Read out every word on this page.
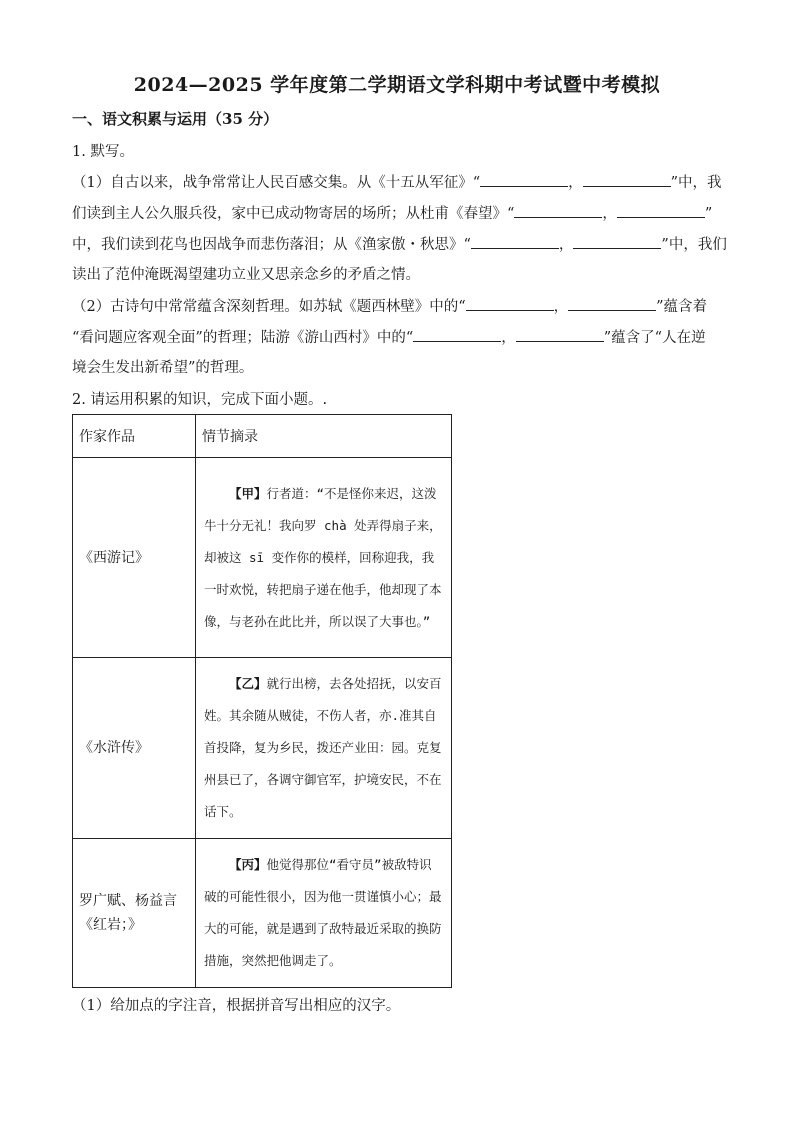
2024—2025 学年度第二学期语文学科期中考试暨中考模拟
一、语文积累与运用（35 分）
1. 默写。
（1）自古以来，战争常常让人民百感交集。从《十五从军征》“	，	”中，我
们读到主人公久服兵役，家中已成动物寄居的场所；从杜甫《春望》“	，	”
中，我们读到花鸟也因战争而悲伤落泪；从《渔家傲・秋思》“	，	”中，我们
读出了范仲淹既渴望建功立业又思亲念乡的矛盾之情。
（2）古诗句中常常蕴含深刻哲理。如苏轼《题西林壁》中的“	，	”蕴含着
“看问题应客观全面”的哲理；陆游《游山西村》中的“	，	”蕴含了“人在逆
境会生发出新希望”的哲理。
2. 请运用积累的知识，完成下面小题。.
作家作品	情节摘录
《西游记》	【甲】行者道：“不是怪你来迟，这泼牛十分无礼！我向罗 chà 处弄得扇子来，却被这 sī 变作你的模样，回称迎我，我一时欢悦，转把扇子递在他手，他却现了本像，与老孙在此比并，所以误了大事也。”
《水浒传》	【乙】就行出榜，去各处招抚，以安百姓。其余随从贼徒，不伤人者，亦.准其自首投降，复为乡民，拨还产业田：园。克复州县已了，各调守御官军，护境安民，不在话下。
罗广赋、杨益言
《红岩；》	【丙】他觉得那位“看守员”被敌特识破的可能性很小，因为他一贯谨慎小心；最大的可能，就是遇到了敌特最近采取的换防措施，突然把他调走了。
（1）给加点的字注音，根据拼音写出相应的汉字。
